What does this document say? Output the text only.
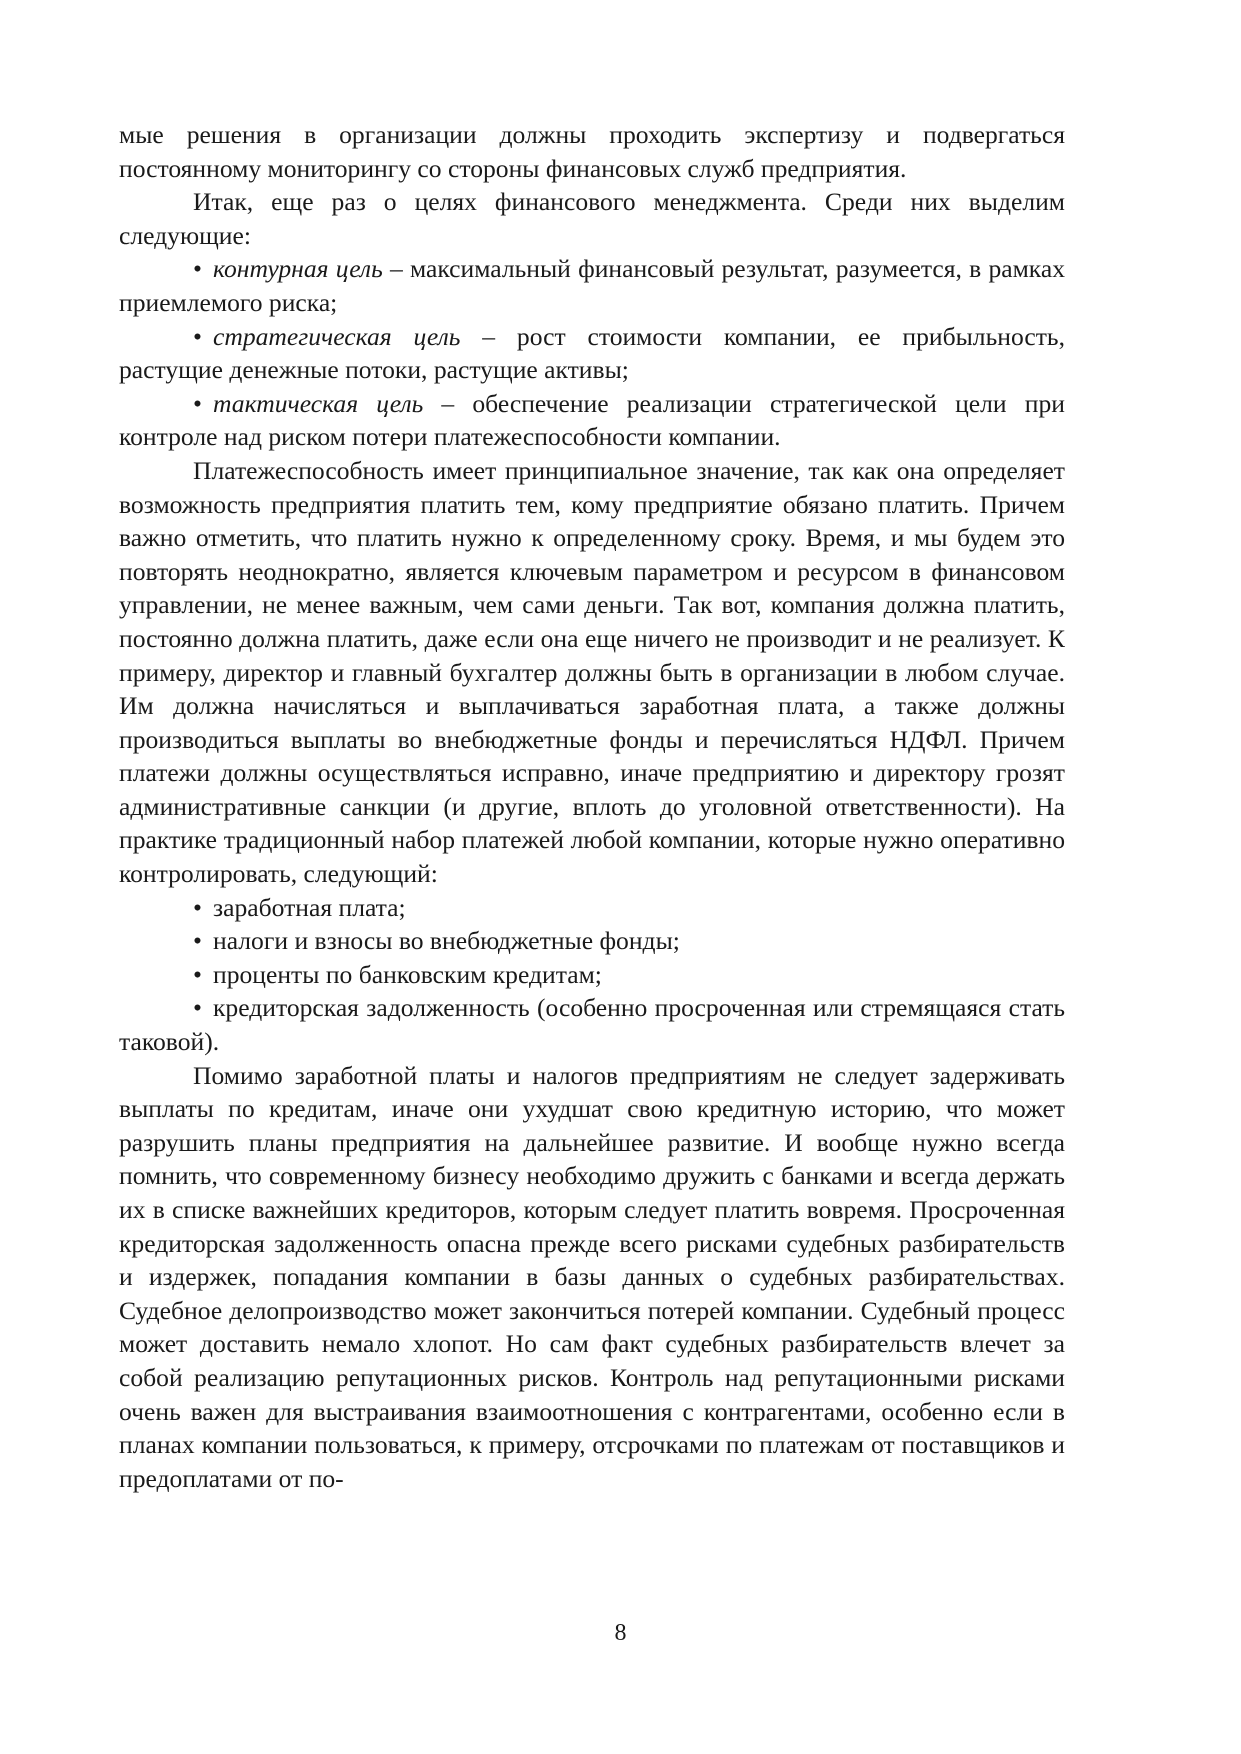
мые решения в организации должны проходить экспертизу и подвергаться постоянному мониторингу со стороны финансовых служб предприятия.

Итак, еще раз о целях финансового менеджмента. Среди них выделим следующие:

• контурная цель – максимальный финансовый результат, разумеется, в рамках приемлемого риска;

• стратегическая цель – рост стоимости компании, ее прибыльность, растущие денежные потоки, растущие активы;

• тактическая цель – обеспечение реализации стратегической цели при контроле над риском потери платежеспособности компании.

Платежеспособность имеет принципиальное значение, так как она определяет возможность предприятия платить тем, кому предприятие обязано платить. Причем важно отметить, что платить нужно к определенному сроку. Время, и мы будем это повторять неоднократно, является ключевым параметром и ресурсом в финансовом управлении, не менее важным, чем сами деньги. Так вот, компания должна платить, постоянно должна платить, даже если она еще ничего не производит и не реализует. К примеру, директор и главный бухгалтер должны быть в организации в любом случае. Им должна начисляться и выплачиваться заработная плата, а также должны производиться выплаты во внебюджетные фонды и перечисляться НДФЛ. Причем платежи должны осуществляться исправно, иначе предприятию и директору грозят административные санкции (и другие, вплоть до уголовной ответственности). На практике традиционный набор платежей любой компании, которые нужно оперативно контролировать, следующий:

• заработная плата;

• налоги и взносы во внебюджетные фонды;

• проценты по банковским кредитам;

• кредиторская задолженность (особенно просроченная или стремящаяся стать таковой).

Помимо заработной платы и налогов предприятиям не следует задерживать выплаты по кредитам, иначе они ухудшат свою кредитную историю, что может разрушить планы предприятия на дальнейшее развитие. И вообще нужно всегда помнить, что современному бизнесу необходимо дружить с банками и всегда держать их в списке важнейших кредиторов, которым следует платить вовремя. Просроченная кредиторская задолженность опасна прежде всего рисками судебных разбирательств и издержек, попадания компании в базы данных о судебных разбирательствах. Судебное делопроизводство может закончиться потерей компании. Судебный процесс может доставить немало хлопот. Но сам факт судебных разбирательств влечет за собой реализацию репутационных рисков. Контроль над репутационными рисками очень важен для выстраивания взаимоотношения с контрагентами, особенно если в планах компании пользоваться, к примеру, отсрочками по платежам от поставщиков и предоплатами от по-

8
